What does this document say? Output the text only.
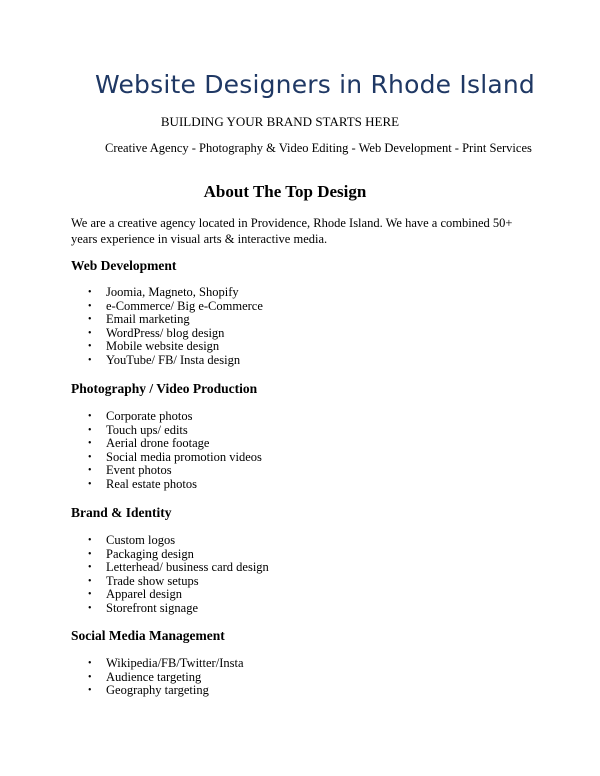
Website Designers in Rhode Island
BUILDING YOUR BRAND STARTS HERE
Creative Agency - Photography & Video Editing - Web Development - Print Services
About The Top Design
We are a creative agency located in Providence, Rhode Island. We have a combined 50+ years experience in visual arts & interactive media.
Web Development
• Joomia, Magneto, Shopify
• e-Commerce/ Big e-Commerce
• Email marketing
• WordPress/ blog design
• Mobile website design
• YouTube/ FB/ Insta design
Photography / Video Production
• Corporate photos
• Touch ups/ edits
• Aerial drone footage
• Social media promotion videos
• Event photos
• Real estate photos
Brand & Identity
• Custom logos
• Packaging design
• Letterhead/ business card design
• Trade show setups
• Apparel design
• Storefront signage
Social Media Management
• Wikipedia/FB/Twitter/Insta
• Audience targeting
• Geography targeting
